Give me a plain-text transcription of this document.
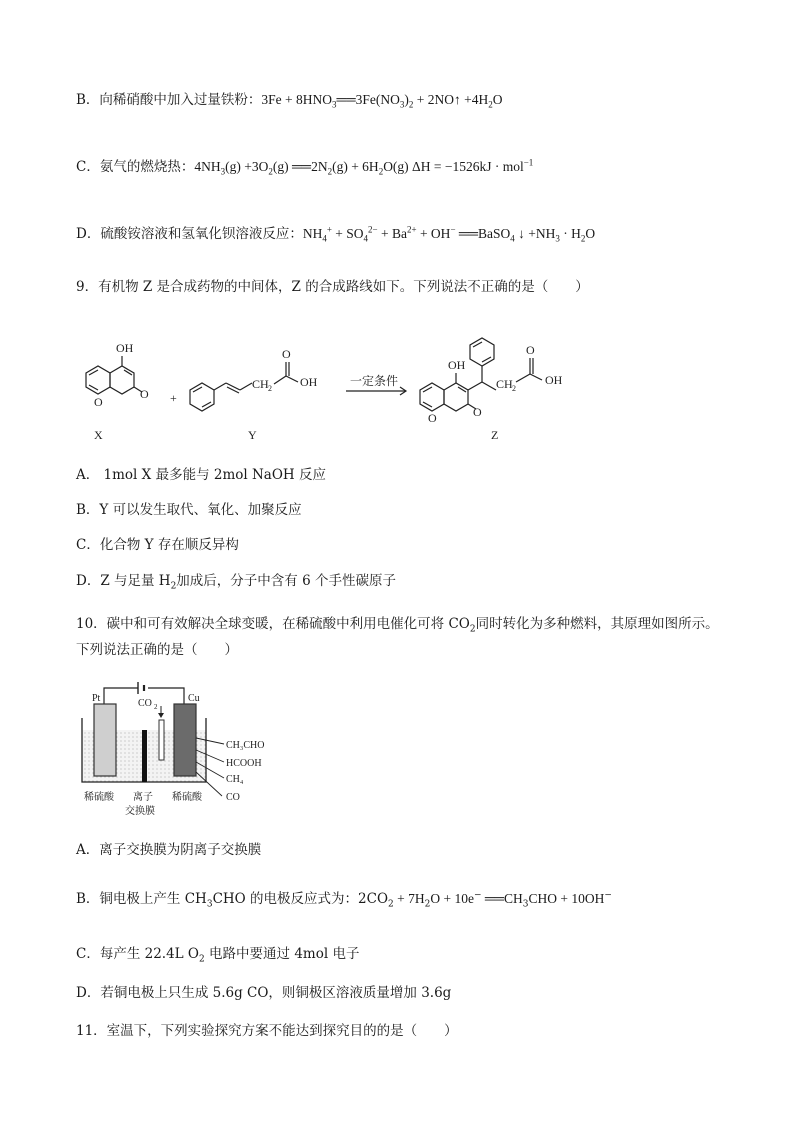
B．向稀硝酸中加入过量铁粉：$3Fe + 8HNO_3══3Fe(NO_3)_2$ + 2NO↑ $+4H_2O$
C．氨气的燃烧热：$4NH_3(g) +3O_2(g)$ $══2N_2(g) + 6H_2O(g) \Delta H = -1526kJ \cdot mol^{-1}$
D．硫酸铵溶液和氢氧化钡溶液反应：$NH_4^+ + SO_4^{2-} + Ba^{2+} + OH^-$ ══BaSO$_4$ ↓ $+NH_3 \cdot H_2O$
9．有机物 Z 是合成药物的中间体，Z 的合成路线如下。下列说法不正确的是（　　）
OH
O
O
X
+
CH 2
O
OH
Y
一定条件
OH
O	O
CH 2
O
OH
Z
A． 1mol X 最多能与 2mol NaOH 反应
B．Y 可以发生取代、氧化、加聚反应
C．化合物 Y 存在顺反异构
D．Z 与足量 $H_2$加成后，分子中含有 6 个手性碳原子
10．碳中和可有效解决全球变暖，在稀硫酸中利用电催化可将 $CO_2$同时转化为多种燃料，其原理如图所示。
下列说法正确的是（　　）
Pt	Cu
CO 2
CH₃CHO
HCOOH
CH₄
CO
稀硫酸 离子
交换膜
稀硫酸
A．离子交换膜为阴离子交换膜
B．铜电极上产生 $CH_3CHO$ 的电极反应式为：$2CO_2 + 7H_2O + 10e^-$ $══CH_3CHO + 10OH^-$
C．每产生 22.4L $O_2$ 电路中要通过 4mol 电子
D．若铜电极上只生成 5.6g CO，则铜极区溶液质量增加 3.6g
11．室温下，下列实验探究方案不能达到探究目的的是（　　）
